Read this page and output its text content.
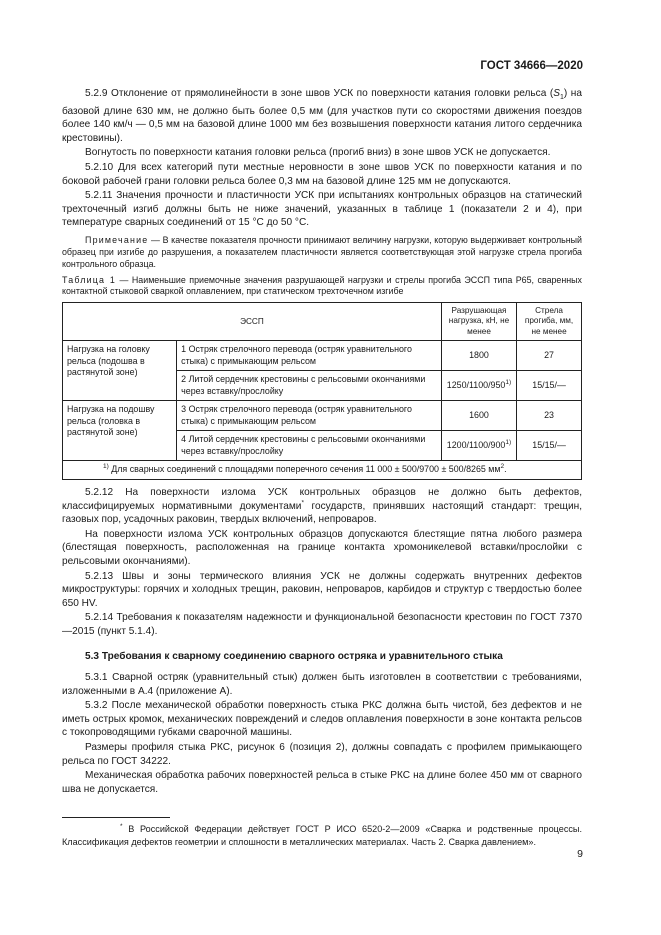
ГОСТ 34666—2020

5.2.9 Отклонение от прямолинейности в зоне швов УСК по поверхности катания головки рельса $(S_1)$ на базовой длине 630 мм, не должно быть более 0,5 мм (для участков пути со скоростями движения поездов более 140 км/ч — 0,5 мм на базовой длине 1000 мм без возвышения поверхности катания литого сердечника крестовины).

Вогнутость по поверхности катания головки рельса (прогиб вниз) в зоне швов УСК не допускается.

5.2.10 Для всех категорий пути местные неровности в зоне швов УСК по поверхности катания и по боковой рабочей грани головки рельса более 0,3 мм на базовой длине 125 мм не допускаются.

5.2.11 Значения прочности и пластичности УСК при испытаниях контрольных образцов на статический трехточечный изгиб должны быть не ниже значений, указанных в таблице 1 (показатели 2 и 4), при температуре сварных соединений от 15 °С до 50 °С.

Примечание — В качестве показателя прочности принимают величину нагрузки, которую выдерживает контрольный образец при изгибе до разрушения, а показателем пластичности является соответствующая этой нагрузке стрела прогиба контрольного образца.

Таблица 1 — Наименьшие приемочные значения разрушающей нагрузки и стрелы прогиба ЭССП типа Р65, сваренных контактной стыковой сваркой оплавлением, при статическом трехточечном изгибе

ЭССП		Разрушающая нагрузка, кН, не менее	Стрела прогиба, мм, не менее
Нагрузка на головку рельса (подошва в растянутой зоне)	1 Остряк стрелочного перевода (остряк уравнительного стыка) с примыкающим рельсом	1800	27
	2 Литой сердечник крестовины с рельсовыми окончаниями через вставку/прослойку	1250/1100/950$^{1)}$	15/15/—
Нагрузка на подошву рельса (головка в растянутой зоне)	3 Остряк стрелочного перевода (остряк уравнительного стыка) с примыкающим рельсом	1600	23
	4 Литой сердечник крестовины с рельсовыми окончаниями через вставку/прослойку	1200/1100/900$^{1)}$	15/15/—
$^{1)}$ Для сварных соединений с площадями поперечного сечения 11 000 ± 500/9700 ± 500/8265 $мм^2$.			

5.2.12 На поверхности излома УСК контрольных образцов не должно быть дефектов, классифицируемых нормативными документами* государств, принявших настоящий стандарт: трещин, газовых пор, усадочных раковин, твердых включений, непроваров.

На поверхности излома УСК контрольных образцов допускаются блестящие пятна любого размера (блестящая поверхность, расположенная на границе контакта хромоникелевой вставки/прослойки с рельсовыми окончаниями).

5.2.13 Швы и зоны термического влияния УСК не должны содержать внутренних дефектов микроструктуры: горячих и холодных трещин, раковин, непроваров, карбидов и структур с твердостью более 650 HV.

5.2.14 Требования к показателям надежности и функциональной безопасности крестовин по ГОСТ 7370—2015 (пункт 5.1.4).

5.3 Требования к сварному соединению сварного остряка и уравнительного стыка

5.3.1 Сварной остряк (уравнительный стык) должен быть изготовлен в соответствии с требованиями, изложенными в А.4 (приложение А).

5.3.2 После механической обработки поверхность стыка РКС должна быть чистой, без дефектов и не иметь острых кромок, механических повреждений и следов оплавления поверхности в зоне контакта рельсов с токопроводящими губками сварочной машины.

Размеры профиля стыка РКС, рисунок 6 (позиция 2), должны совпадать с профилем примыкающего рельса по ГОСТ 34222.

Механическая обработка рабочих поверхностей рельса в стыке РКС на длине более 450 мм от сварного шва не допускается.

* В Российской Федерации действует ГОСТ Р ИСО 6520-2—2009 «Сварка и родственные процессы. Классификация дефектов геометрии и сплошности в металлических материалах. Часть 2. Сварка давлением».
9
